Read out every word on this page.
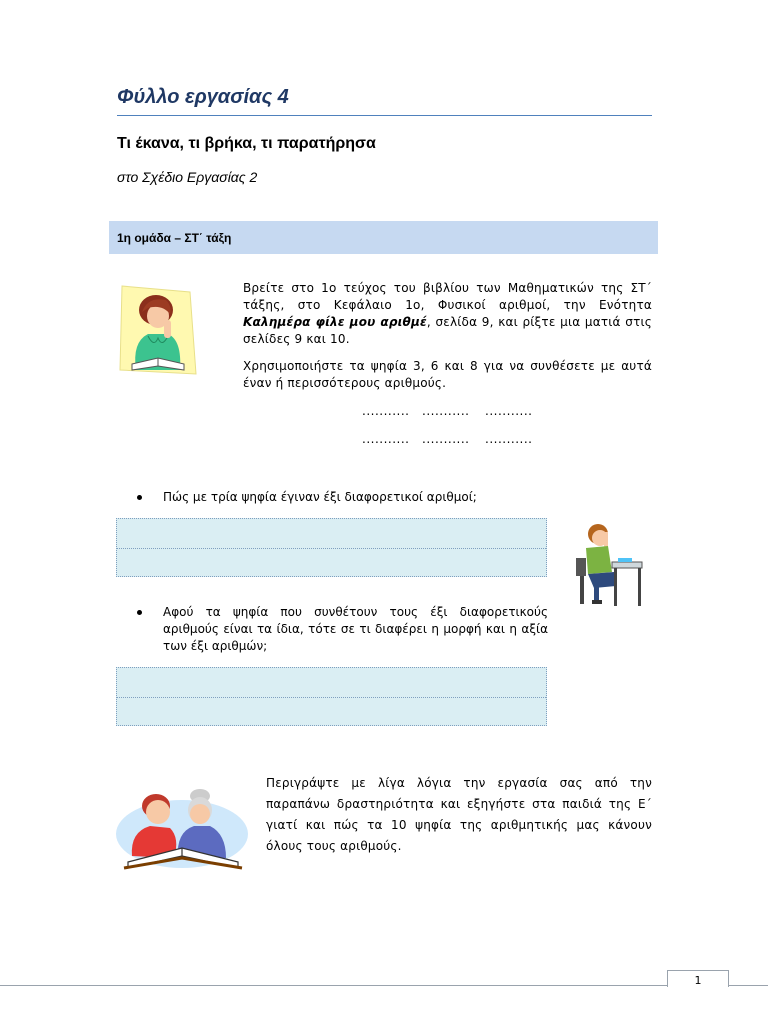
Φύλλο εργασίας 4
Τι έκανα, τι βρήκα, τι παρατήρησα
στο Σχέδιο Εργασίας 2
1η ομάδα – ΣΤ΄ τάξη
Βρείτε στο 1ο τεύχος του βιβλίου των Μαθηματικών της ΣΤ΄ τάξης, στο Κεφάλαιο 1ο, Φυσικοί αριθμοί, την Ενότητα Καλημέρα φίλε μου αριθμέ, σελίδα 9, και ρίξτε μια ματιά στις σελίδες 9 και 10.
Χρησιμοποιήστε τα ψηφία 3, 6 και 8 για να συνθέσετε με αυτά έναν ή περισσότερους αριθμούς.
........... ........... ...........
........... ........... ...........
Πώς με τρία ψηφία έγιναν έξι διαφορετικοί αριθμοί;
Αφού τα ψηφία που συνθέτουν τους έξι διαφορετικούς αριθμούς είναι τα ίδια, τότε σε τι διαφέρει η μορφή και η αξία των έξι αριθμών;
Περιγράψτε με λίγα λόγια την εργασία σας από την παραπάνω δραστηριότητα και εξηγήστε στα παιδιά της Ε΄ γιατί και πώς τα 10 ψηφία της αριθμητικής μας κάνουν όλους τους αριθμούς.
1
